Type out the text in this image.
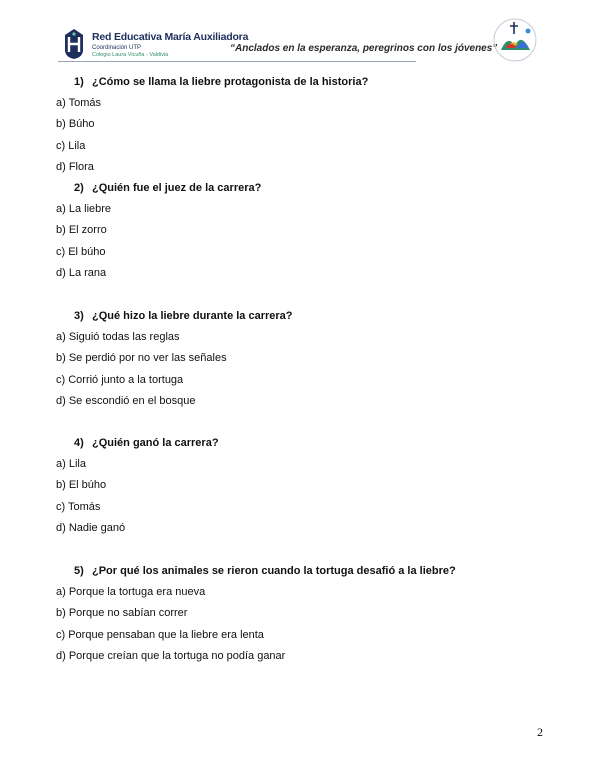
Red Educativa María Auxiliadora
Coordinación UTP
Colegio Laura Vicuña - Valdivia
“Anclados en la esperanza, peregrinos con los jóvenes”
1) ¿Cómo se llama la liebre protagonista de la historia?
a) Tomás
b) Búho
c) Lila
d) Flora
2) ¿Quién fue el juez de la carrera?
a) La liebre
b) El zorro
c) El búho
d) La rana
3) ¿Qué hizo la liebre durante la carrera?
a) Siguió todas las reglas
b) Se perdió por no ver las señales
c) Corrió junto a la tortuga
d) Se escondió en el bosque
4) ¿Quién ganó la carrera?
a) Lila
b) El búho
c) Tomás
d) Nadie ganó
5) ¿Por qué los animales se rieron cuando la tortuga desafió a la liebre?
a) Porque la tortuga era nueva
b) Porque no sabían correr
c) Porque pensaban que la liebre era lenta
d) Porque creían que la tortuga no podía ganar
2
